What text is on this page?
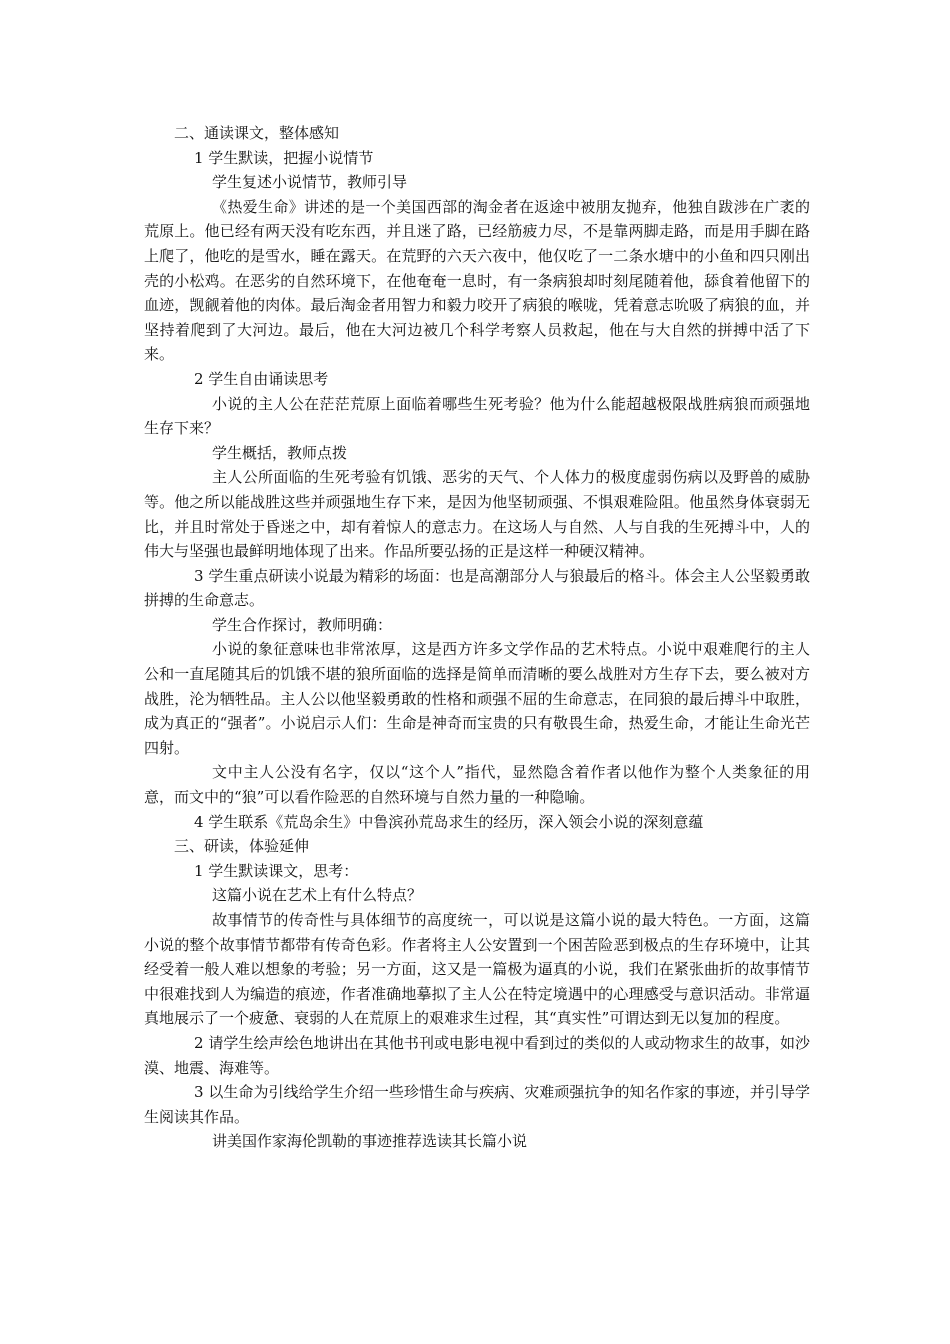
二、通读课文，整体感知

1 学生默读，把握小说情节

学生复述小说情节，教师引导

《热爱生命》讲述的是一个美国西部的淘金者在返途中被朋友抛弃，他独自跋涉在广袤的荒原上。他已经有两天没有吃东西，并且迷了路，已经筋疲力尽，不是靠两脚走路，而是用手脚在路上爬了，他吃的是雪水，睡在露天。在荒野的六天六夜中，他仅吃了一二条水塘中的小鱼和四只刚出壳的小松鸡。在恶劣的自然环境下，在他奄奄一息时，有一条病狼却时刻尾随着他，舔食着他留下的血迹，觊觎着他的肉体。最后淘金者用智力和毅力咬开了病狼的喉咙，凭着意志吮吸了病狼的血，并坚持着爬到了大河边。最后，他在大河边被几个科学考察人员救起，他在与大自然的拼搏中活了下来。

2 学生自由诵读思考

小说的主人公在茫茫荒原上面临着哪些生死考验？他为什么能超越极限战胜病狼而顽强地生存下来？

学生概括，教师点拨

主人公所面临的生死考验有饥饿、恶劣的天气、个人体力的极度虚弱伤病以及野兽的威胁等。他之所以能战胜这些并顽强地生存下来，是因为他坚韧顽强、不惧艰难险阻。他虽然身体衰弱无比，并且时常处于昏迷之中，却有着惊人的意志力。在这场人与自然、人与自我的生死搏斗中，人的伟大与坚强也最鲜明地体现了出来。作品所要弘扬的正是这样一种硬汉精神。

3 学生重点研读小说最为精彩的场面：也是高潮部分人与狼最后的格斗。体会主人公坚毅勇敢拼搏的生命意志。

学生合作探讨，教师明确：

小说的象征意味也非常浓厚，这是西方许多文学作品的艺术特点。小说中艰难爬行的主人公和一直尾随其后的饥饿不堪的狼所面临的选择是简单而清晰的要么战胜对方生存下去，要么被对方战胜，沦为牺牲品。主人公以他坚毅勇敢的性格和顽强不屈的生命意志，在同狼的最后搏斗中取胜，成为真正的“强者”。小说启示人们：生命是神奇而宝贵的只有敬畏生命，热爱生命，才能让生命光芒四射。

文中主人公没有名字，仅以“这个人”指代，显然隐含着作者以他作为整个人类象征的用意，而文中的“狼”可以看作险恶的自然环境与自然力量的一种隐喻。

4 学生联系《荒岛余生》中鲁滨孙荒岛求生的经历，深入领会小说的深刻意蕴

三、研读，体验延伸

1 学生默读课文，思考：

这篇小说在艺术上有什么特点？

故事情节的传奇性与具体细节的高度统一，可以说是这篇小说的最大特色。一方面，这篇小说的整个故事情节都带有传奇色彩。作者将主人公安置到一个困苦险恶到极点的生存环境中，让其经受着一般人难以想象的考验；另一方面，这又是一篇极为逼真的小说，我们在紧张曲折的故事情节中很难找到人为编造的痕迹，作者准确地摹拟了主人公在特定境遇中的心理感受与意识活动。非常逼真地展示了一个疲惫、衰弱的人在荒原上的艰难求生过程，其“真实性”可谓达到无以复加的程度。

2 请学生绘声绘色地讲出在其他书刊或电影电视中看到过的类似的人或动物求生的故事，如沙漠、地震、海难等。

3 以生命为引线给学生介绍一些珍惜生命与疾病、灾难顽强抗争的知名作家的事迹，并引导学生阅读其作品。

讲美国作家海伦凯勒的事迹推荐选读其长篇小说
